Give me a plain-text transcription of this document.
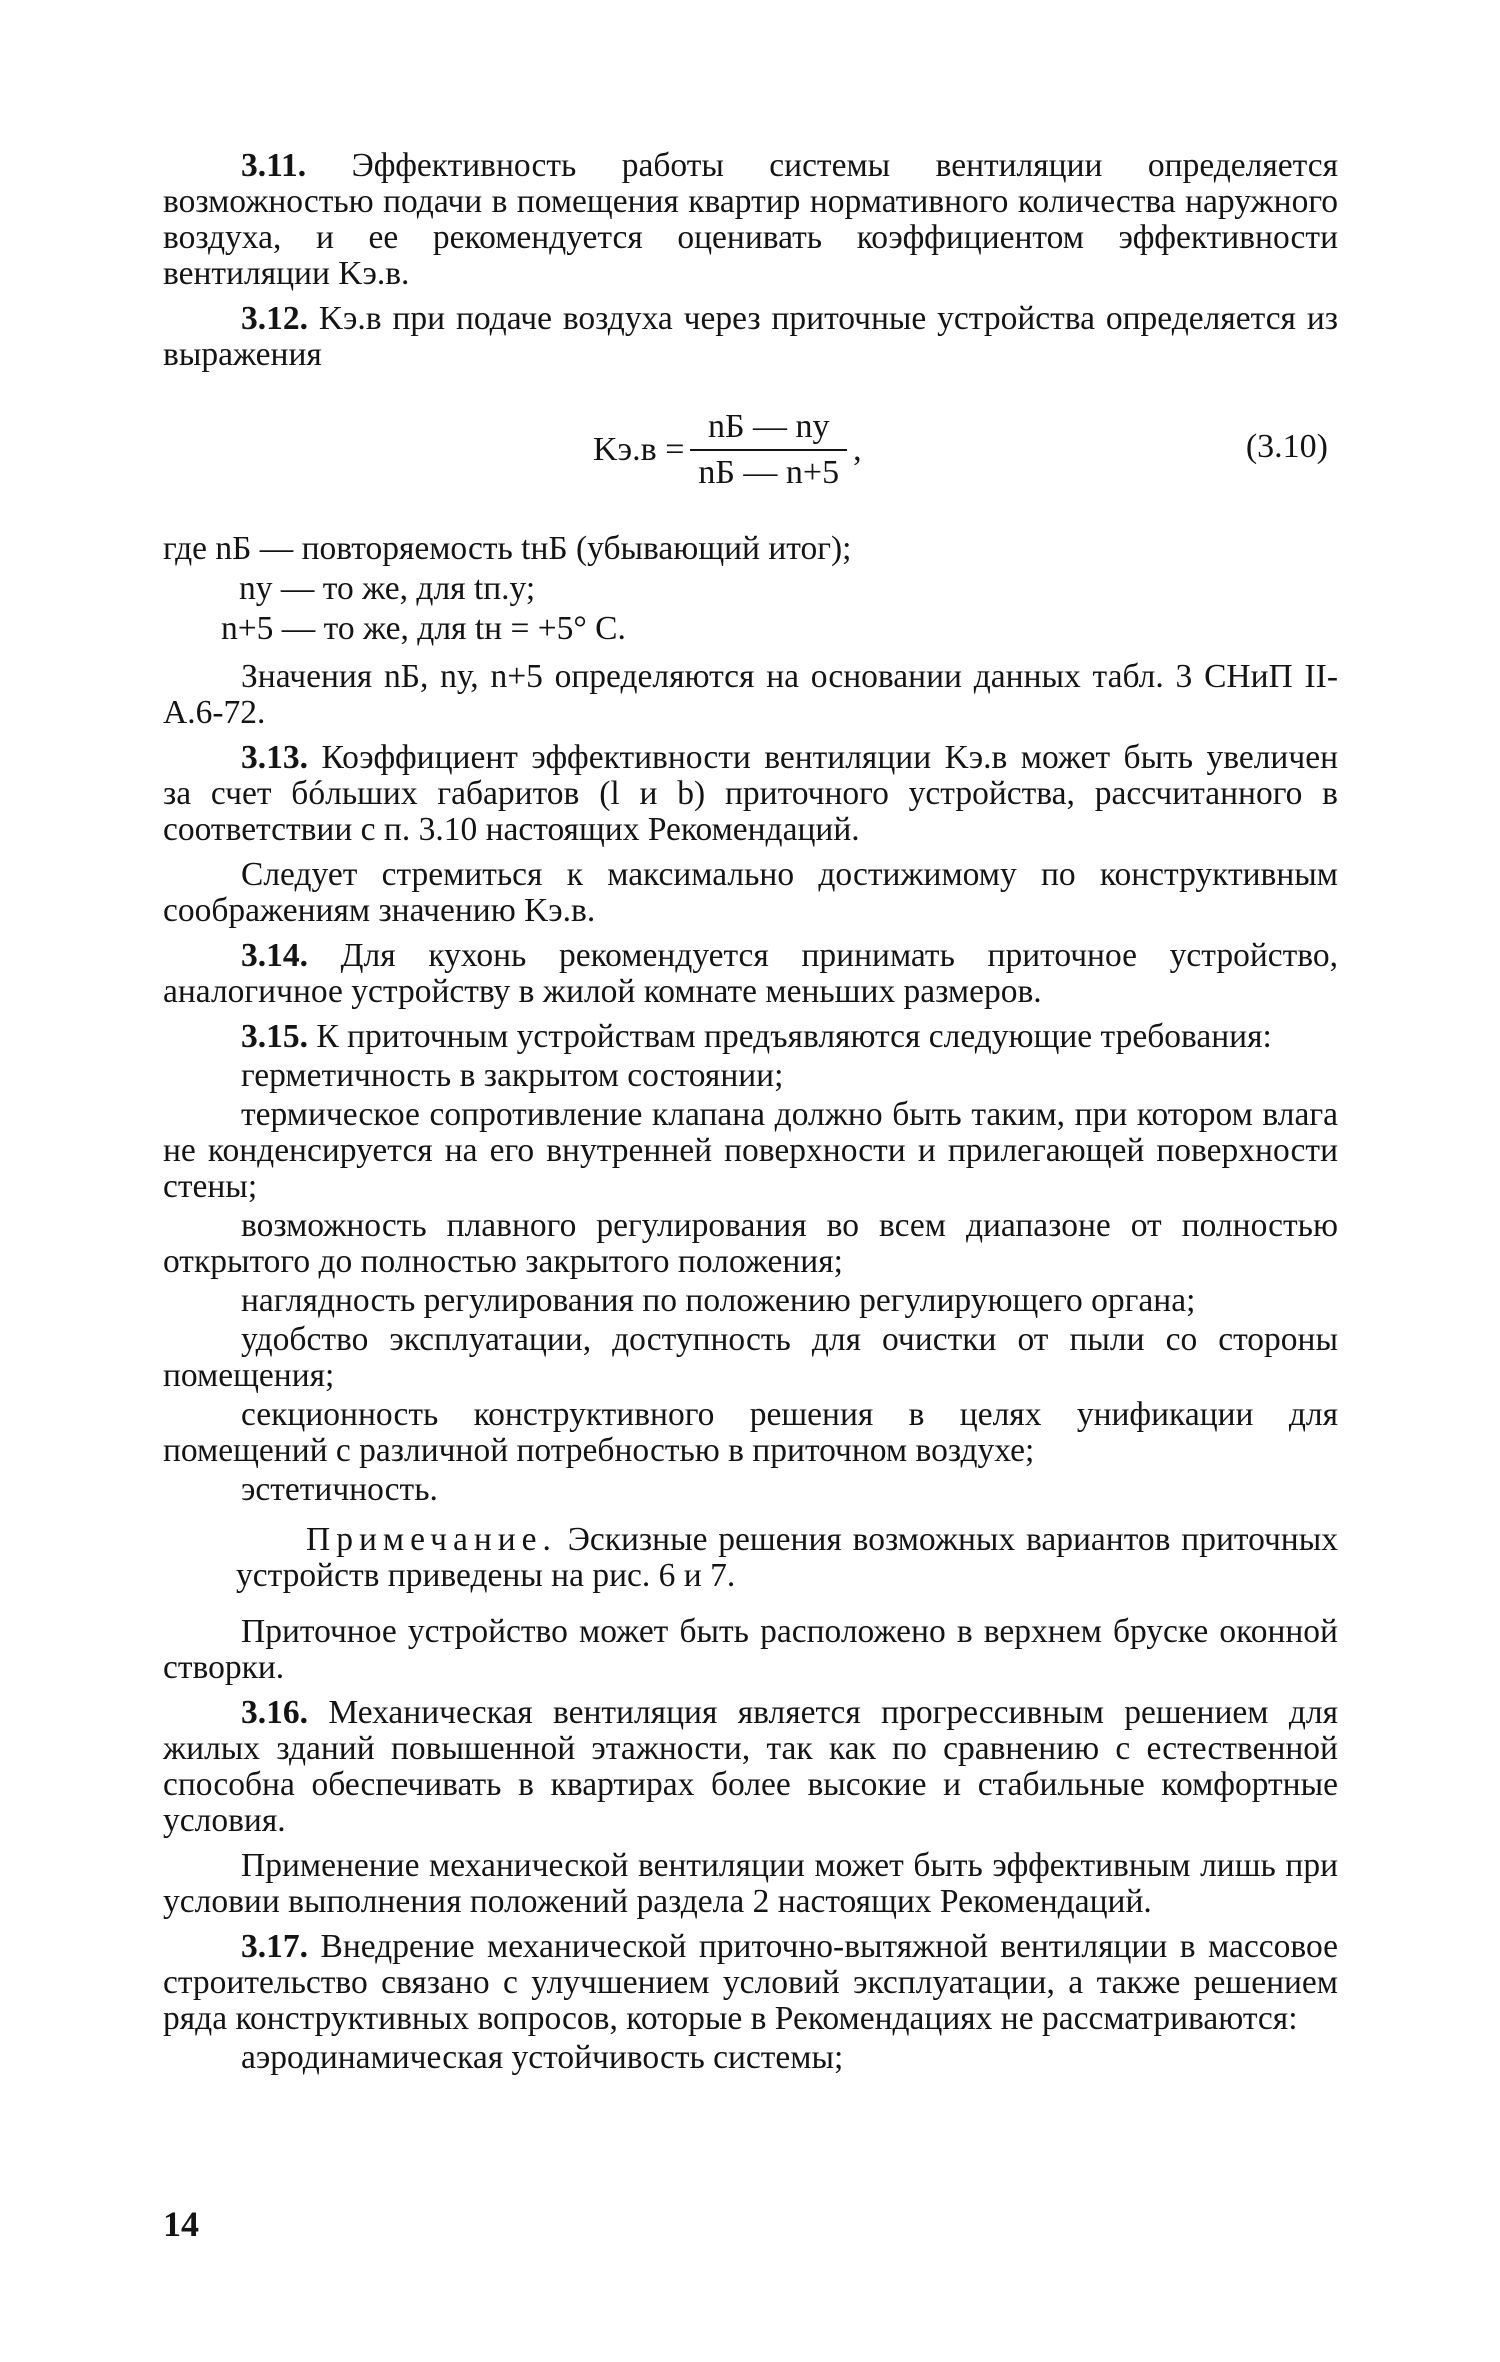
3.11. Эффективность работы системы вентиляции определяется возможностью подачи в помещения квартир нормативного количества наружного воздуха, и ее рекомендуется оценивать коэффициентом эффективности вентиляции Kэ.в.

3.12. Kэ.в при подаче воздуха через приточные устройства определяется из выражения

$Kэ.в = \frac{nБ — nу}{nБ — n+5}$ ,	(3.10)

где nБ — повторяемость tнБ (убывающий итог);

nу — то же, для tп.у;

n+5 — то же, для tн = +5° С.

Значения nБ, nу, n+5 определяются на основании данных табл. 3 СНиП II-А.6-72.

3.13. Коэффициент эффективности вентиляции Kэ.в может быть увеличен за счет бóльших габаритов (l и b) приточного устройства, рассчитанного в соответствии с п. 3.10 настоящих Рекомендаций.

Следует стремиться к максимально достижимому по конструктивным соображениям значению Kэ.в.

3.14. Для кухонь рекомендуется принимать приточное устройство, аналогичное устройству в жилой комнате меньших размеров.

3.15. К приточным устройствам предъявляются следующие требования:

герметичность в закрытом состоянии;

термическое сопротивление клапана должно быть таким, при котором влага не конденсируется на его внутренней поверхности и прилегающей поверхности стены;

возможность плавного регулирования во всем диапазоне от полностью открытого до полностью закрытого положения;

наглядность регулирования по положению регулирующего органа;

удобство эксплуатации, доступность для очистки от пыли со стороны помещения;

секционность конструктивного решения в целях унификации для помещений с различной потребностью в приточном воздухе;

эстетичность.

Примечание. Эскизные решения возможных вариантов приточных устройств приведены на рис. 6 и 7.

Приточное устройство может быть расположено в верхнем бруске оконной створки.

3.16. Механическая вентиляция является прогрессивным решением для жилых зданий повышенной этажности, так как по сравнению с естественной способна обеспечивать в квартирах более высокие и стабильные комфортные условия.

Применение механической вентиляции может быть эффективным лишь при условии выполнения положений раздела 2 настоящих Рекомендаций.

3.17. Внедрение механической приточно-вытяжной вентиляции в массовое строительство связано с улучшением условий эксплуатации, а также решением ряда конструктивных вопросов, которые в Рекомендациях не рассматриваются:

аэродинамическая устойчивость системы;

14
